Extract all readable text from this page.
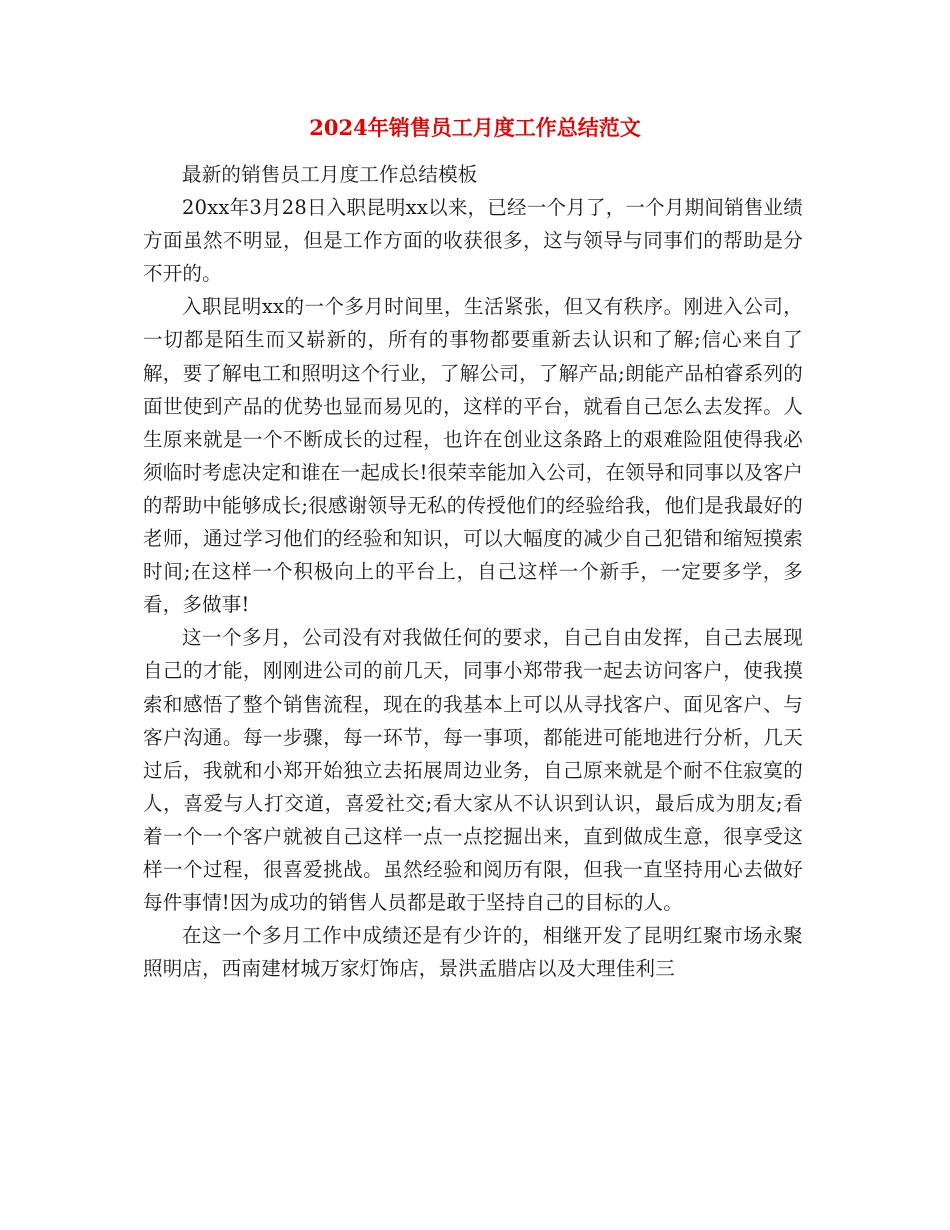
2024年销售员工月度工作总结范文

最新的销售员工月度工作总结模板

20xx年3月28日入职昆明xx以来，已经一个月了，一个月期间销售业绩方面虽然不明显，但是工作方面的收获很多，这与领导与同事们的帮助是分不开的。

入职昆明xx的一个多月时间里，生活紧张，但又有秩序。刚进入公司，一切都是陌生而又崭新的，所有的事物都要重新去认识和了解;信心来自了解，要了解电工和照明这个行业，了解公司，了解产品;朗能产品柏睿系列的面世使到产品的优势也显而易见的，这样的平台，就看自己怎么去发挥。人生原来就是一个不断成长的过程，也许在创业这条路上的艰难险阻使得我必须临时考虑决定和谁在一起成长!很荣幸能加入公司，在领导和同事以及客户的帮助中能够成长;很感谢领导无私的传授他们的经验给我，他们是我最好的老师，通过学习他们的经验和知识，可以大幅度的减少自己犯错和缩短摸索时间;在这样一个积极向上的平台上，自己这样一个新手，一定要多学，多看，多做事!

这一个多月，公司没有对我做任何的要求，自己自由发挥，自己去展现自己的才能，刚刚进公司的前几天，同事小郑带我一起去访问客户，使我摸索和感悟了整个销售流程，现在的我基本上可以从寻找客户、面见客户、与客户沟通。每一步骤，每一环节，每一事项，都能进可能地进行分析，几天过后，我就和小郑开始独立去拓展周边业务，自己原来就是个耐不住寂寞的人，喜爱与人打交道，喜爱社交;看大家从不认识到认识，最后成为朋友;看着一个一个客户就被自己这样一点一点挖掘出来，直到做成生意，很享受这样一个过程，很喜爱挑战。虽然经验和阅历有限，但我一直坚持用心去做好每件事情!因为成功的销售人员都是敢于坚持自己的目标的人。

在这一个多月工作中成绩还是有少许的，相继开发了昆明红聚市场永聚照明店，西南建材城万家灯饰店，景洪孟腊店以及大理佳利三
